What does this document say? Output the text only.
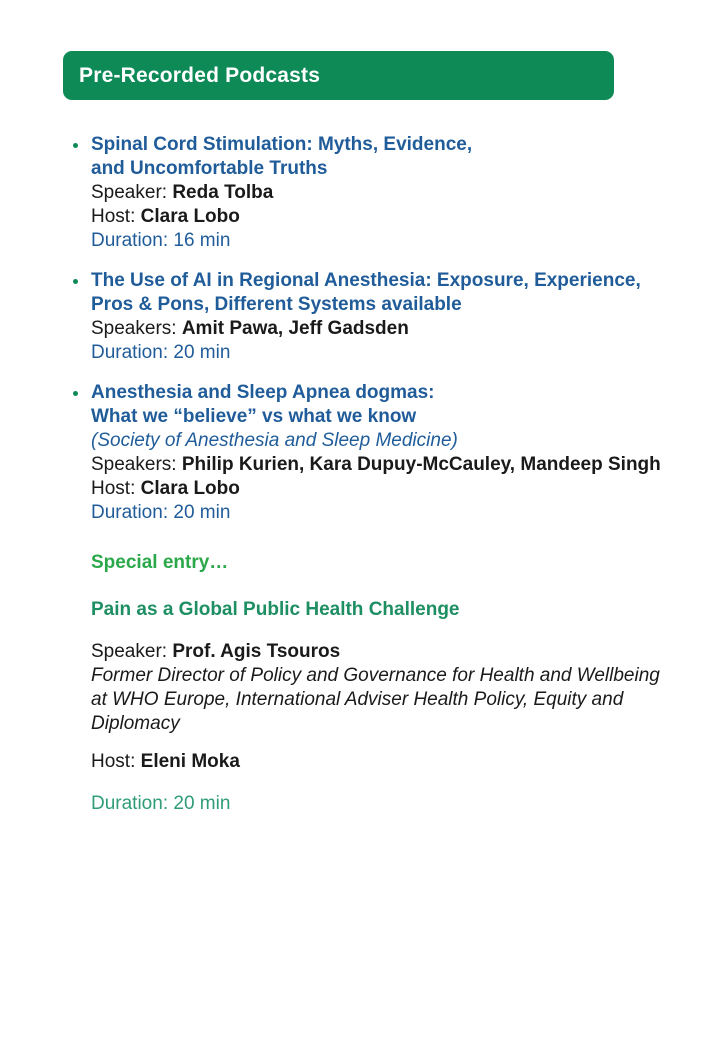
Pre-Recorded Podcasts
Spinal Cord Stimulation: Myths, Evidence,
and Uncomfortable Truths
Speaker: Reda Tolba
Host: Clara Lobo
Duration: 16 min
The Use of AI in Regional Anesthesia: Exposure, Experience,
Pros & Pons, Different Systems available
Speakers: Amit Pawa, Jeff Gadsden
Duration: 20 min
Anesthesia and Sleep Apnea dogmas:
What we “believe” vs what we know
(Society of Anesthesia and Sleep Medicine)
Speakers: Philip Kurien, Kara Dupuy-McCauley, Mandeep Singh
Host: Clara Lobo
Duration: 20 min
Special entry…
Pain as a Global Public Health Challenge
Speaker: Prof. Agis Tsouros
Former Director of Policy and Governance for Health and Wellbeing
at WHO Europe, International Adviser Health Policy, Equity and
Diplomacy
Host: Eleni Moka
Duration: 20 min
